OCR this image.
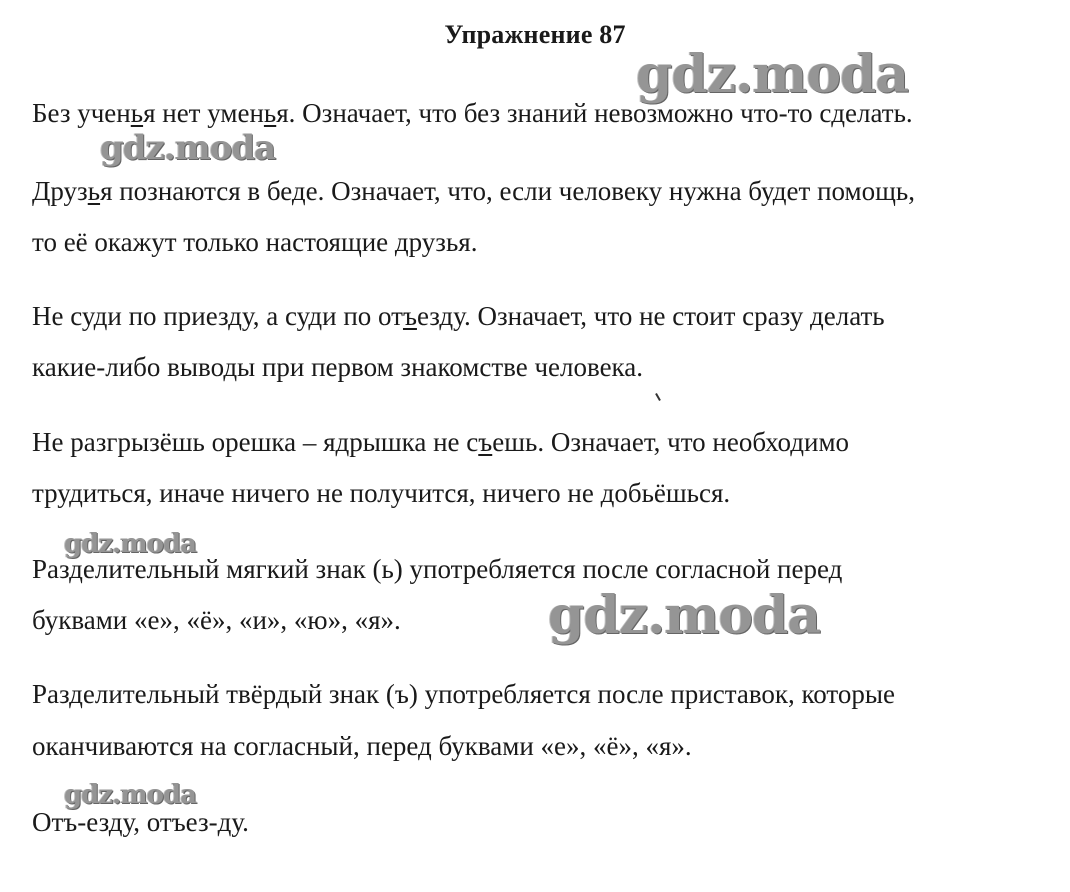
Упражнение 87
Без ученья нет уменья. Означает, что без знаний невозможно что-то сделать.
Друзья познаются в беде. Означает, что, если человеку нужна будет помощь,
то её окажут только настоящие друзья.
Не суди по приезду, а суди по отъезду. Означает, что не стоит сразу делать
какие-либо выводы при первом знакомстве человека.
Не разгрызёшь орешка – ядрышка не съешь. Означает, что необходимо
трудиться, иначе ничего не получится, ничего не добьёшься.
Разделительный мягкий знак (ь) употребляется после согласной перед
буквами «е», «ё», «и», «ю», «я».
Разделительный твёрдый знак (ъ) употребляется после приставок, которые
оканчиваются на согласный, перед буквами «е», «ё», «я».
Отъ-езду, отъез-ду.
gdz.moda
gdz.moda
gdz.moda
gdz.moda
gdz.moda
